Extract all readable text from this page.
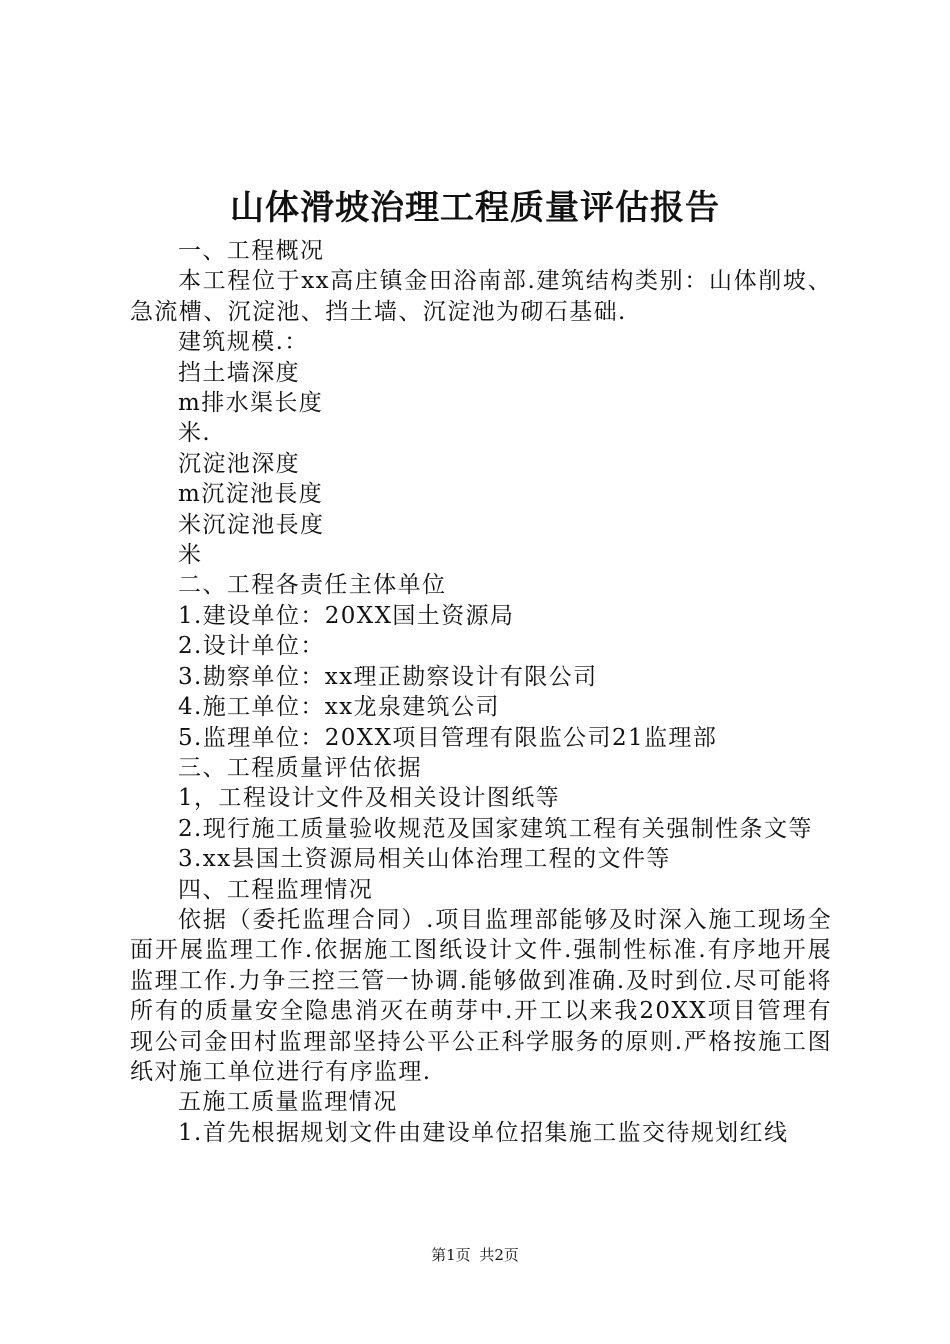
山体滑坡治理工程质量评估报告

一、工程概况

本工程位于xx高庄镇金田浴南部.建筑结构类别：山体削坡、急流槽、沉淀池、挡土墙、沉淀池为砌石基础.

建筑规模.：

挡土墙深度

m排水渠长度

米.

沉淀池深度

m沉淀池長度

米沉淀池長度

米

二、工程各责任主体单位

1.建设单位：20XX国土资源局

2.设计单位：

3.勘察单位：xx理正勘察设计有限公司

4.施工单位：xx龙泉建筑公司

5.监理单位：20XX项目管理有限监公司21监理部

三、工程质量评估依据

1，工程设计文件及相关设计图纸等

2.现行施工质量验收规范及国家建筑工程有关强制性条文等

3.xx县国土资源局相关山体治理工程的文件等

四、工程监理情况

依据（委托监理合同）.项目监理部能够及时深入施工现场全面开展监理工作.依据施工图纸设计文件.强制性标准.有序地开展监理工作.力争三控三管一协调.能够做到准确.及时到位.尽可能将所有的质量安全隐患消灭在萌芽中.开工以来我20XX项目管理有现公司金田村监理部坚持公平公正科学服务的原则.严格按施工图纸对施工单位进行有序监理.

五施工质量监理情况

1.首先根据规划文件由建设单位招集施工监交待规划红线

第1页 共2页
